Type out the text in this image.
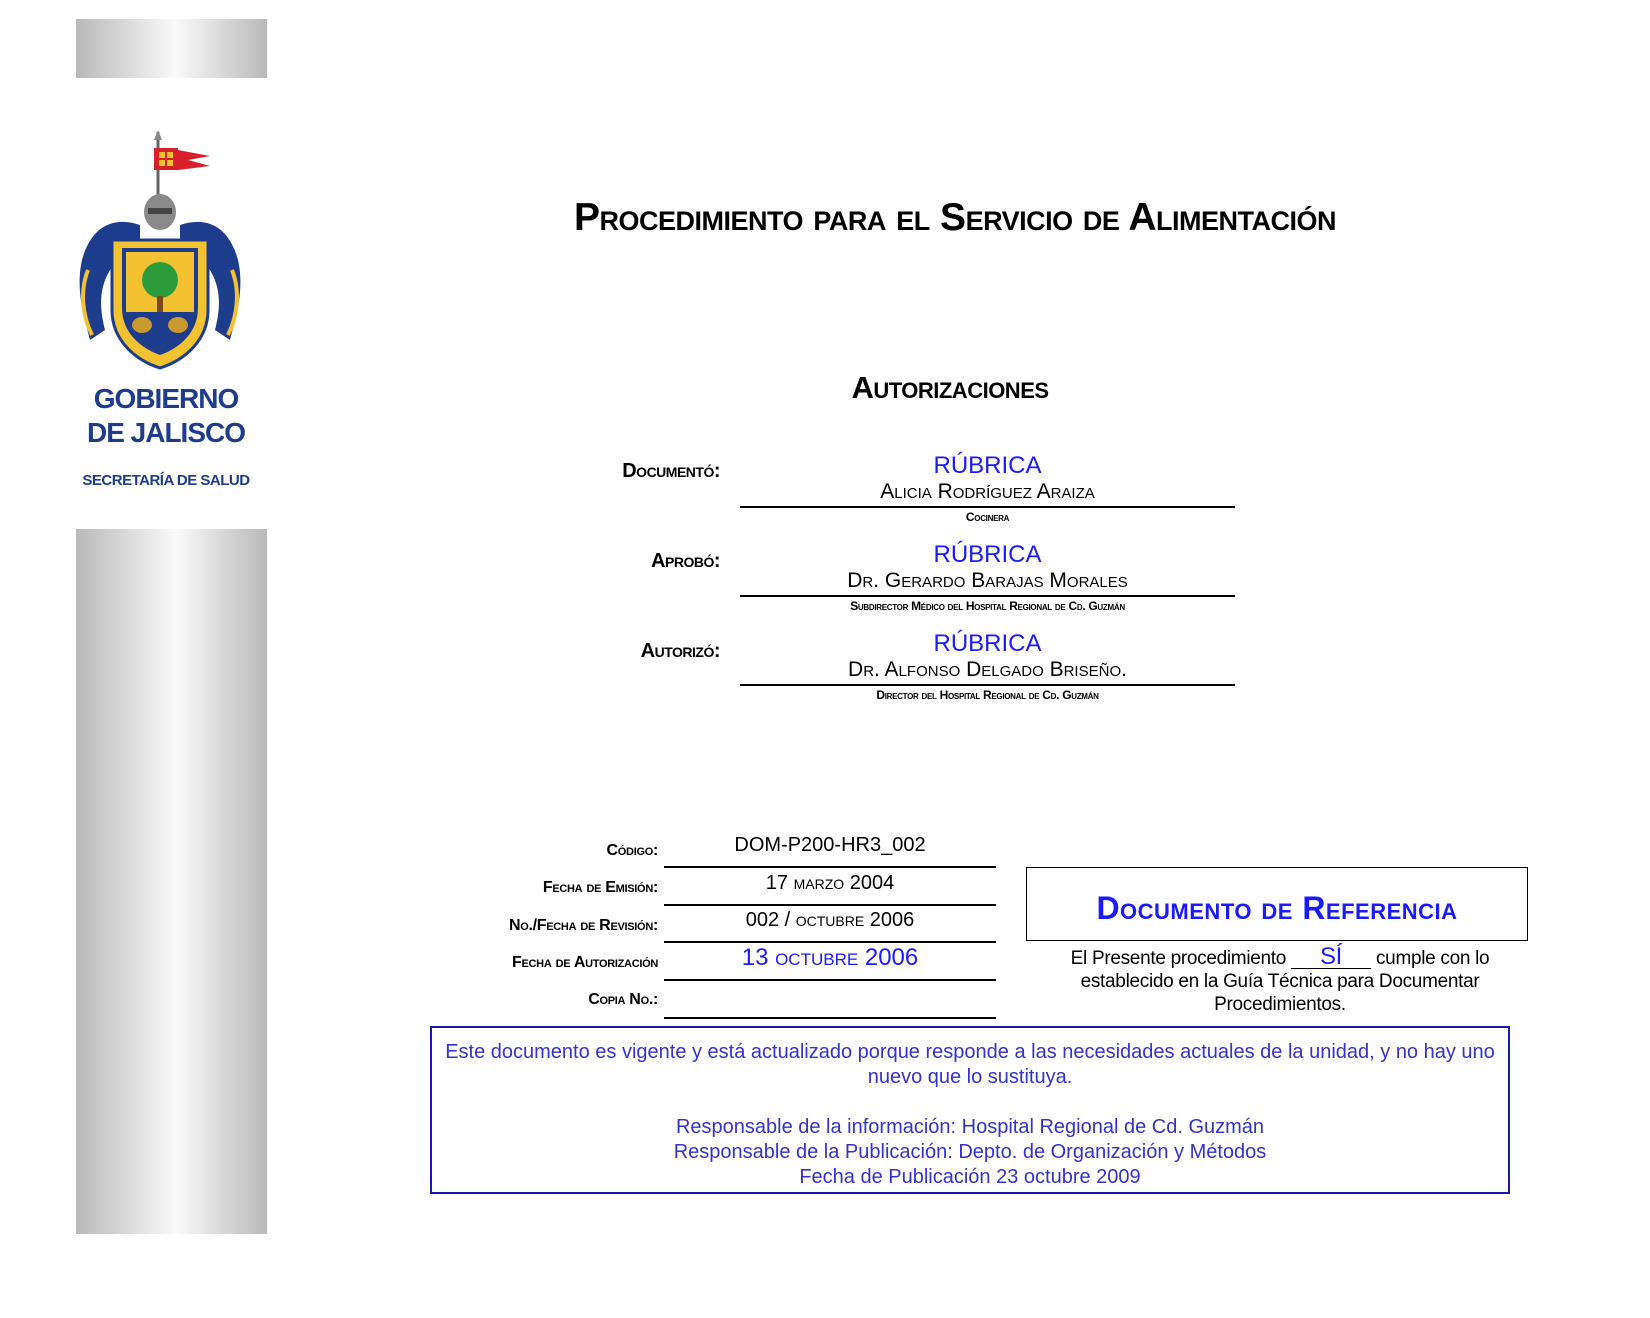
GOBIERNO
DE JALISCO
SECRETARÍA DE SALUD
Procedimiento para el Servicio de Alimentación
Autorizaciones
Documentó:	RÚBRICA
Alicia Rodríguez Araiza
Cocinera
Aprobó:	RÚBRICA
Dr. Gerardo Barajas Morales
Subdirector Médico del Hospital Regional de Cd. Guzmán
Autorizó:	RÚBRICA
Dr. Alfonso Delgado Briseño.
Director del Hospital Regional de Cd. Guzmán
Código:	DOM-P200-HR3_002
Fecha de Emisión:	17 marzo 2004
No./Fecha de Revisión:	002 / octubre 2006
Fecha de Autorización	13 octubre 2006
Copia No.:
Documento de Referencia
El Presente procedimiento SÍ cumple con lo establecido en la Guía Técnica para Documentar Procedimientos.

Este documento es vigente y está actualizado porque responde a las necesidades actuales de la unidad, y no hay uno nuevo que lo sustituya.

Responsable de la información: Hospital Regional de Cd. Guzmán

Responsable de la Publicación: Depto. de Organización y Métodos

Fecha de Publicación 23 octubre 2009
